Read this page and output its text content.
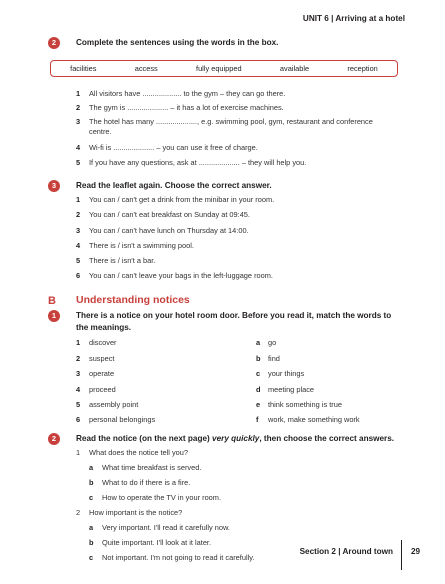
UNIT 6 | Arriving at a hotel
2	Complete the sentences using the words in the box.
facilities	access	fully equipped	available	reception
1 All visitors have ................... to the gym – they can go there.
2 The gym is .................... – it has a lot of exercise machines.
3 The hotel has many ...................., e.g. swimming pool, gym, restaurant and conference
centre.
4 Wi-fi is .................... – you can use it free of charge.
5 If you have any questions, ask at .................... – they will help you.
3	Read the leaflet again. Choose the correct answer.
1 You can / can't get a drink from the minibar in your room.
2 You can / can't eat breakfast on Sunday at 09:45.
3 You can / can't have lunch on Thursday at 14:00.
4 There is / isn't a swimming pool.
5 There is / isn't a bar.
6 You can / can't leave your bags in the left-luggage room.
B Understanding notices
1	There is a notice on your hotel room door. Before you read it, match the words to
the meanings.
1 discover
2 suspect
3 operate
4 proceed
5 assembly point
6 personal belongings
a go
b find
c your things
d meeting place
e think something is true
f work, make something work
2	Read the notice (on the next page) very quickly, then choose the correct answers.
1 What does the notice tell you?
a What time breakfast is served.
b What to do if there is a fire.
c How to operate the TV in your room.
2 How important is the notice?
a Very important. I'll read it carefully now.
b Quite important. I'll look at it later.
c Not important. I'm not going to read it carefully.
Section 2 | Around town 29
